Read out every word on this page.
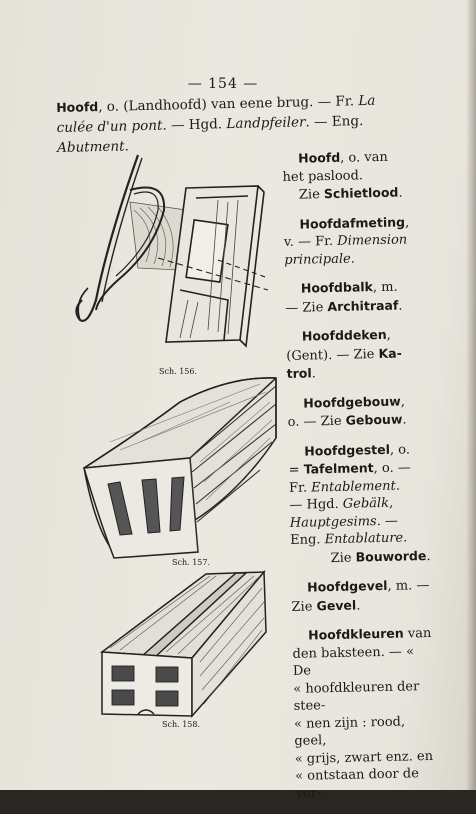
— 154 —
Hoofd, o. (Landhoofd) van eene brug. — Fr. La
culée d'un pont. — Hgd. Landpfeiler. — Eng. Abutment.
Hoofd, o. van
het paslood.
Zie Schietlood.
Hoofdafmeting,
v. — Fr. Dimension
principale.
Hoofdbalk, m.
— Zie Architraaf.
Hoofddeken,
(Gent). — Zie Ka-
trol.
Hoofdgebouw,
o. — Zie Gebouw.
Hoofdgestel, o.
= Tafelment, o. —
Fr. Entablement.
— Hgd. Gebälk,
Hauptgesims. —
Eng. Entablature.
Zie Bouworde.
Hoofdgevel, m. —
Zie Gevel.
Hoofdkleuren van
den baksteen. — « De
« hoofdkleuren der stee-
« nen zijn : rood, geel,
« grijs, zwart enz. en
« ontstaan door de ver-
Sch. 156.
Sch. 157.
Sch. 158.
